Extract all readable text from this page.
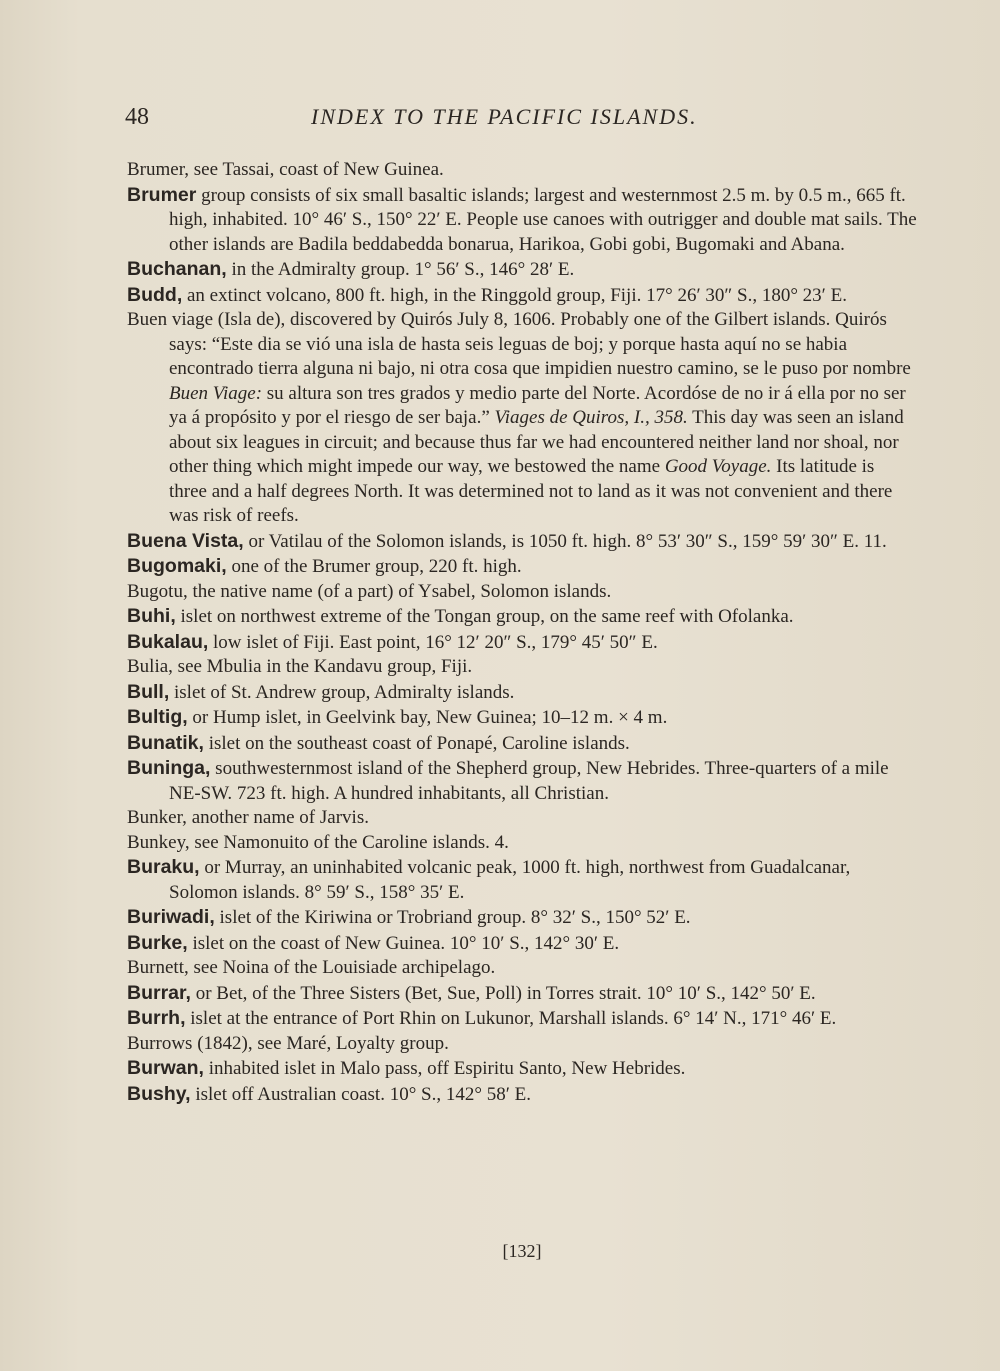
48	INDEX TO THE PACIFIC ISLANDS.

Brumer, see Tassai, coast of New Guinea.

Brumer group consists of six small basaltic islands; largest and westernmost 2.5 m. by 0.5 m., 665 ft. high, inhabited. 10° 46′ S., 150° 22′ E. People use canoes with outrigger and double mat sails. The other islands are Badila beddabedda bonarua, Harikoa, Gobi gobi, Bugomaki and Abana.

Buchanan, in the Admiralty group. 1° 56′ S., 146° 28′ E.

Budd, an extinct volcano, 800 ft. high, in the Ringgold group, Fiji. 17° 26′ 30″ S., 180° 23′ E.

Buen viage (Isla de), discovered by Quirós July 8, 1606. Probably one of the Gilbert islands. Quirós says: “Este dia se vió una isla de hasta seis leguas de boj; y porque hasta aquí no se habia encontrado tierra alguna ni bajo, ni otra cosa que impidien nuestro camino, se le puso por nombre Buen Viage: su altura son tres grados y medio parte del Norte. Acordóse de no ir á ella por no ser ya á propósito y por el riesgo de ser baja.” Viages de Quiros, I., 358. This day was seen an island about six leagues in circuit; and because thus far we had encountered neither land nor shoal, nor other thing which might impede our way, we bestowed the name Good Voyage. Its latitude is three and a half degrees North. It was determined not to land as it was not convenient and there was risk of reefs.

Buena Vista, or Vatilau of the Solomon islands, is 1050 ft. high. 8° 53′ 30″ S., 159° 59′ 30″ E. 11.

Bugomaki, one of the Brumer group, 220 ft. high.

Bugotu, the native name (of a part) of Ysabel, Solomon islands.

Buhi, islet on northwest extreme of the Tongan group, on the same reef with Ofolanka.

Bukalau, low islet of Fiji. East point, 16° 12′ 20″ S., 179° 45′ 50″ E.

Bulia, see Mbulia in the Kandavu group, Fiji.

Bull, islet of St. Andrew group, Admiralty islands.

Bultig, or Hump islet, in Geelvink bay, New Guinea; 10–12 m. × 4 m.

Bunatik, islet on the southeast coast of Ponapé, Caroline islands.

Buninga, southwesternmost island of the Shepherd group, New Hebrides. Three-quarters of a mile NE-SW. 723 ft. high. A hundred inhabitants, all Christian.

Bunker, another name of Jarvis.

Bunkey, see Namonuito of the Caroline islands. 4.

Buraku, or Murray, an uninhabited volcanic peak, 1000 ft. high, northwest from Guadalcanar, Solomon islands. 8° 59′ S., 158° 35′ E.

Buriwadi, islet of the Kiriwina or Trobriand group. 8° 32′ S., 150° 52′ E.

Burke, islet on the coast of New Guinea. 10° 10′ S., 142° 30′ E.

Burnett, see Noina of the Louisiade archipelago.

Burrar, or Bet, of the Three Sisters (Bet, Sue, Poll) in Torres strait. 10° 10′ S., 142° 50′ E.

Burrh, islet at the entrance of Port Rhin on Lukunor, Marshall islands. 6° 14′ N., 171° 46′ E.

Burrows (1842), see Maré, Loyalty group.

Burwan, inhabited islet in Malo pass, off Espiritu Santo, New Hebrides.

Bushy, islet off Australian coast. 10° S., 142° 58′ E.

[132]
